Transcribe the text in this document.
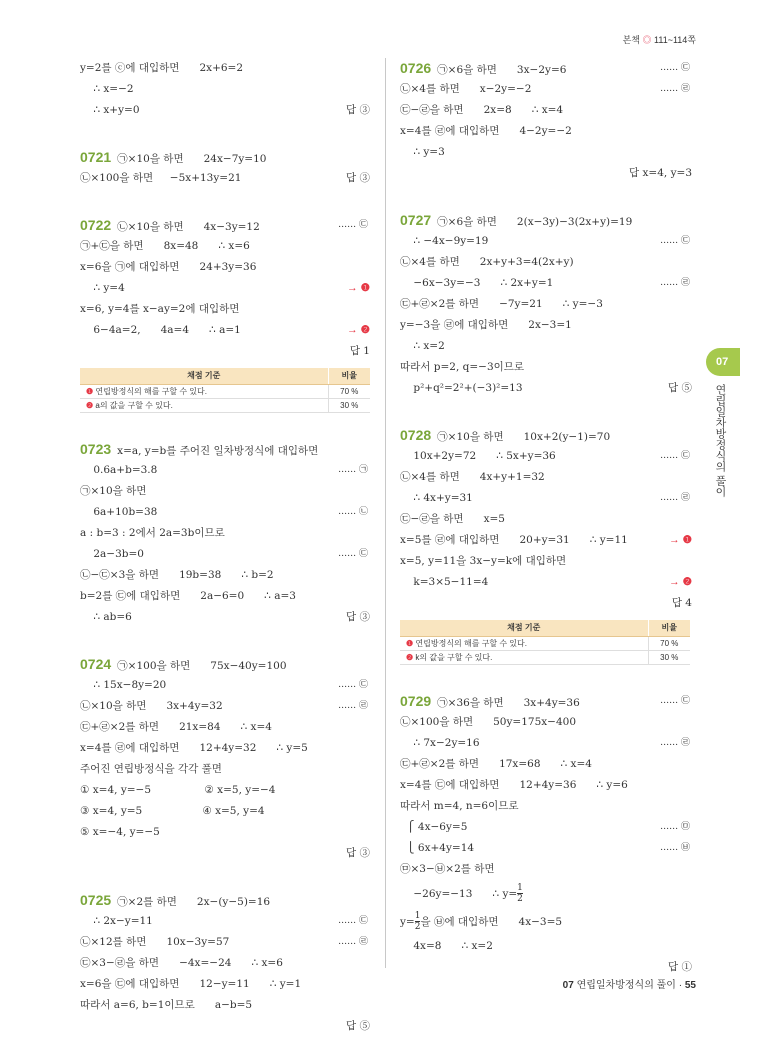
본책 ◎ 111~114쪽
y=2를 ⓒ에 대입하면      2x+6=2
∴ x=−2
∴ x+y=0	답 ③
0721 ㉠×10을 하면      24x−7y=10
㉡×100을 하면     −5x+13y=21	답 ③
0722 ㉡×10을 하면      4x−3y=12	…… ㉢
㉠+㉢을 하면      8x=48      ∴ x=6
x=6을 ㉠에 대입하면      24+3y=36
∴ y=4	→ ❶
x=6, y=4를 x−ay=2에 대입하면
6−4a=2,      4a=4      ∴ a=1	→ ❷
답 1
채점 기준	비율
❶ 연립방정식의 해를 구할 수 있다.	70 %
❷ a의 값을 구할 수 있다.	30 %
0723 x=a, y=b를 주어진 일차방정식에 대입하면
0.6a+b=3.8	…… ㉠
㉠×10을 하면
6a+10b=38	…… ㉡
a : b=3 : 2에서 2a=3b이므로
2a−3b=0	…… ㉢
㉡−㉢×3을 하면      19b=38      ∴ b=2
b=2를 ㉢에 대입하면      2a−6=0      ∴ a=3
∴ ab=6	답 ③
0724 ㉠×100을 하면      75x−40y=100
∴ 15x−8y=20	…… ㉢
㉡×10을 하면      3x+4y=32	…… ㉣
㉢+㉣×2를 하면      21x=84      ∴ x=4
x=4를 ㉣에 대입하면      12+4y=32      ∴ y=5
주어진 연립방정식을 각각 풀면
① x=4, y=−5                ② x=5, y=−4
③ x=4, y=5                  ④ x=5, y=4
⑤ x=−4, y=−5
답 ③
0725 ㉠×2를 하면      2x−(y−5)=16
∴ 2x−y=11	…… ㉢
㉡×12를 하면      10x−3y=57	…… ㉣
㉢×3−㉣을 하면      −4x=−24      ∴ x=6
x=6을 ㉢에 대입하면      12−y=11      ∴ y=1
따라서 a=6, b=1이므로      a−b=5
답 ⑤
0726 ㉠×6을 하면      3x−2y=6	…… ㉢
㉡×4를 하면      x−2y=−2	…… ㉣
㉢−㉣을 하면      2x=8      ∴ x=4
x=4를 ㉣에 대입하면      4−2y=−2
∴ y=3
답 x=4, y=3
0727 ㉠×6을 하면      2(x−3y)−3(2x+y)=19
∴ −4x−9y=19	…… ㉢
㉡×4를 하면      2x+y+3=4(2x+y)
−6x−3y=−3      ∴ 2x+y=1	…… ㉣
㉢+㉣×2를 하면      −7y=21      ∴ y=−3
y=−3을 ㉣에 대입하면      2x−3=1
∴ x=2
따라서 p=2, q=−3이므로
p²+q²=2²+(−3)²=13	답 ⑤
0728 ㉠×10을 하면      10x+2(y−1)=70
10x+2y=72      ∴ 5x+y=36	…… ㉢
㉡×4를 하면      4x+y+1=32
∴ 4x+y=31	…… ㉣
㉢−㉣을 하면      x=5
x=5를 ㉣에 대입하면      20+y=31      ∴ y=11	→ ❶
x=5, y=11을 3x−y=k에 대입하면
k=3×5−11=4	→ ❷
답 4
채점 기준	비율
❶ 연립방정식의 해를 구할 수 있다.	70 %
❷ k의 값을 구할 수 있다.	30 %
0729 ㉠×36을 하면      3x+4y=36	…… ㉢
㉡×100을 하면      50y=175x−400
∴ 7x−2y=16	…… ㉣
㉢+㉣×2를 하면      17x=68      ∴ x=4
x=4를 ㉢에 대입하면      12+4y=36      ∴ y=6
따라서 m=4, n=6이므로
⎧ 4x−6y=5	…… ㉤
⎩ 6x+4y=14	…… ㉥
㉤×3−㉥×2를 하면
−26y=−13      ∴ $y= \frac{1}{2}$
$y= \frac{1}{2}$ 을 ㉥에 대입하면      4x−3=5
4x=8      ∴ x=2
답 ①
07
연립일차방정식의 풀이
07 연립일차방정식의 풀이 · 55
